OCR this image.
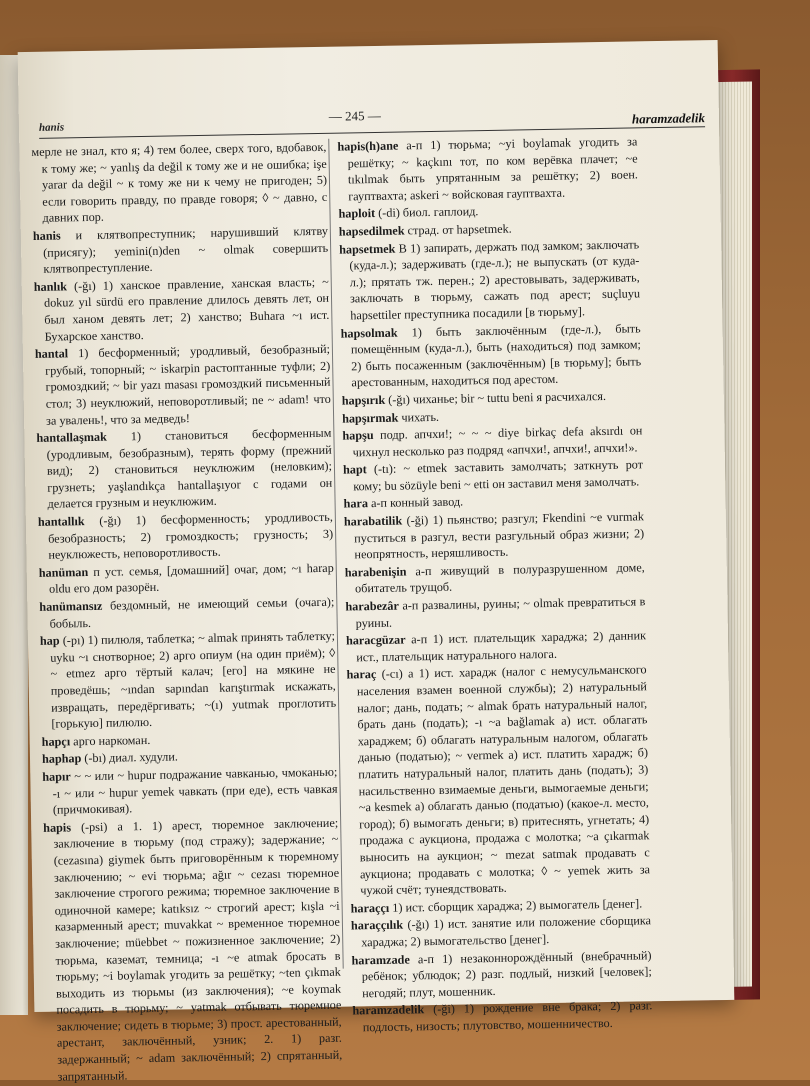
hanis
— 245 —	haramzadelik

мерле не знал, кто я; 4) тем более, сверх того, вдобавок, к тому же; ~ yanlış da değil к тому же и не ошибка; işe yarar da değil ~ к тому же ни к чему не пригоден; 5) если говорить правду, по правде говоря; ◊ ~ давно, с давних пор.

hanis и клятвопреступник; нарушивший клятву (присягу); yemini(n)den ~ olmak совершить клятвопреступление.

hanlık (-ğı) 1) ханское правление, ханская власть; ~ dokuz yıl sürdü его правление длилось девять лет, он был ханом девять лет; 2) ханство; Buhara ~ı ист. Бухарское ханство.

hantal 1) бесформенный; уродливый, безобразный; грубый, топорный; ~ iskarpin растоптанные туфли; 2) громоздкий; ~ bir yazı masası громоздкий письменный стол; 3) неуклюжий, неповоротливый; ne ~ adam! что за увалень!, что за медведь!

hantallaşmak 1) становиться бесформенным (уродливым, безобразным), терять форму (прежний вид); 2) становиться неуклюжим (неловким); грузнеть; yaşlandıkça hantallaşıyor с годами он делается грузным и неуклюжим.

hantallık (-ğı) 1) бесформенность; уродливость, безобразность; 2) громоздкость; грузность; 3) неуклюжесть, неповоротливость.

hanüman п уст. семья, [домашний] очаг, дом; ~ı harap oldu его дом разорён.

hanümansız бездомный, не имеющий семьи (очага); бобыль.

hap (-pı) 1) пилюля, таблетка; ~ almak принять таблетку; uyku ~ı снотворное; 2) арго опиум (на один приём); ◊ ~ etmez арго тёртый калач; [его] на мякине не проведёшь; ~ından sapından karıştırmak искажать, извращать, передёргивать; ~(ı) yutmak проглотить [горькую] пилюлю.

hapçı арго наркоман.

haphap (-bı) диал. худули.

hapır ~ ~ или ~ hupur подражание чавканью, чмоканью; -ı ~ или ~ hupur yemek чавкать (при еде), есть чавкая (причмокивая).

hapis (-psi) а 1. 1) арест, тюремное заключение; заключение в тюрьму (под стражу); задержание; ~ (cezasına) giymek быть приговорённым к тюремному заключению; ~ evi тюрьма; ağır ~ cezası тюремное заключение строгого режима; тюремное заключение в одиночной камере; katıksız ~ строгий арест; kışla ~i казарменный арест; muvakkat ~ временное тюремное заключение; müebbet ~ пожизненное заключение; 2) тюрьма, каземат, темница; -ı ~e atmak бросать в тюрьму; ~i boylamak угодить за решётку; ~ten çıkmak выходить из тюрьмы (из заключения); ~e koymak посадить в тюрьму; ~ yatmak отбывать тюремное заключение; сидеть в тюрьме; 3) прост. арестованный, арестант, заключённый, узник; 2. 1) разг. задержанный; ~ adam заключённый; 2) спрятанный, запрятанный.

hapis(h)ane а-п 1) тюрьма; ~yi boylamak угодить за решётку; ~ kaçkını тот, по ком верёвка плачет; ~e tıkılmak быть упрятанным за решётку; 2) воен. гауптвахта; askeri ~ войсковая гауптвахта.

haploit (-di) биол. гаплоид.

hapsedilmek страд. от hapsetmek.

hapsetmek В 1) запирать, держать под замком; заключать (куда-л.); задерживать (где-л.); не выпускать (от куда-л.); прятать тж. перен.; 2) арестовывать, задерживать, заключать в тюрьму, сажать под арест; suçluyu hapsettiler преступника посадили [в тюрьму].

hapsolmak 1) быть заключённым (где-л.), быть помещённым (куда-л.), быть (находиться) под замком; 2) быть посаженным (заключённым) [в тюрьму]; быть арестованным, находиться под арестом.

hapşırık (-ğı) чиханье; bir ~ tuttu beni я расчихался.

hapşırmak чихать.

hapşu подр. апчхи!; ~ ~ ~ diye birkaç defa aksırdı он чихнул несколько раз подряд «апчхи!, апчхи!, апчхи!».

hapt (-tı): ~ etmek заставить замолчать; заткнуть рот кому; bu sözüyle beni ~ etti он заставил меня замолчать.

hara а-п конный завод.

harabatilik (-ği) 1) пьянство; разгул; Fkendini ~e vurmak пуститься в разгул, вести разгульный образ жизни; 2) неопрятность, неряшливость.

harabenişin а-п живущий в полуразрушенном доме, обитатель трущоб.

harabezâr а-п развалины, руины; ~ olmak превратиться в руины.

haracgüzar а-п 1) ист. плательщик хараджа; 2) данник ист., плательщик натурального налога.

haraç (-cı) а 1) ист. харадж (налог с немусульманского населения взамен военной службы); 2) натуральный налог; дань, подать; ~ almak брать натуральный налог, брать дань (подать); -ı ~a bağlamak а) ист. облагать хараджем; б) облагать натуральным налогом, облагать данью (податью); ~ vermek а) ист. платить харадж; б) платить натуральный налог, платить дань (подать); 3) насильственно взимаемые деньги, вымогаемые деньги; ~a kesmek а) облагать данью (податью) (какое-л. место, город); б) вымогать деньги; в) притеснять, угнетать; 4) продажа с аукциона, продажа с молотка; ~a çıkarmak выносить на аукцион; ~ mezat satmak продавать с аукциона; продавать с молотка; ◊ ~ yemek жить за чужой счёт; тунеядствовать.

haraççı 1) ист. сборщик хараджа; 2) вымогатель [денег].

haraççılık (-ğı) 1) ист. занятие или положение сборщика хараджа; 2) вымогательство [денег].

haramzade а-п 1) незаконнорождённый (внебрачный) ребёнок; ублюдок; 2) разг. подлый, низкий [человек]; негодяй; плут, мошенник.

haramzadelik (-ği) 1) рождение вне брака; 2) разг. подлость, низость; плутовство, мошенничество.
